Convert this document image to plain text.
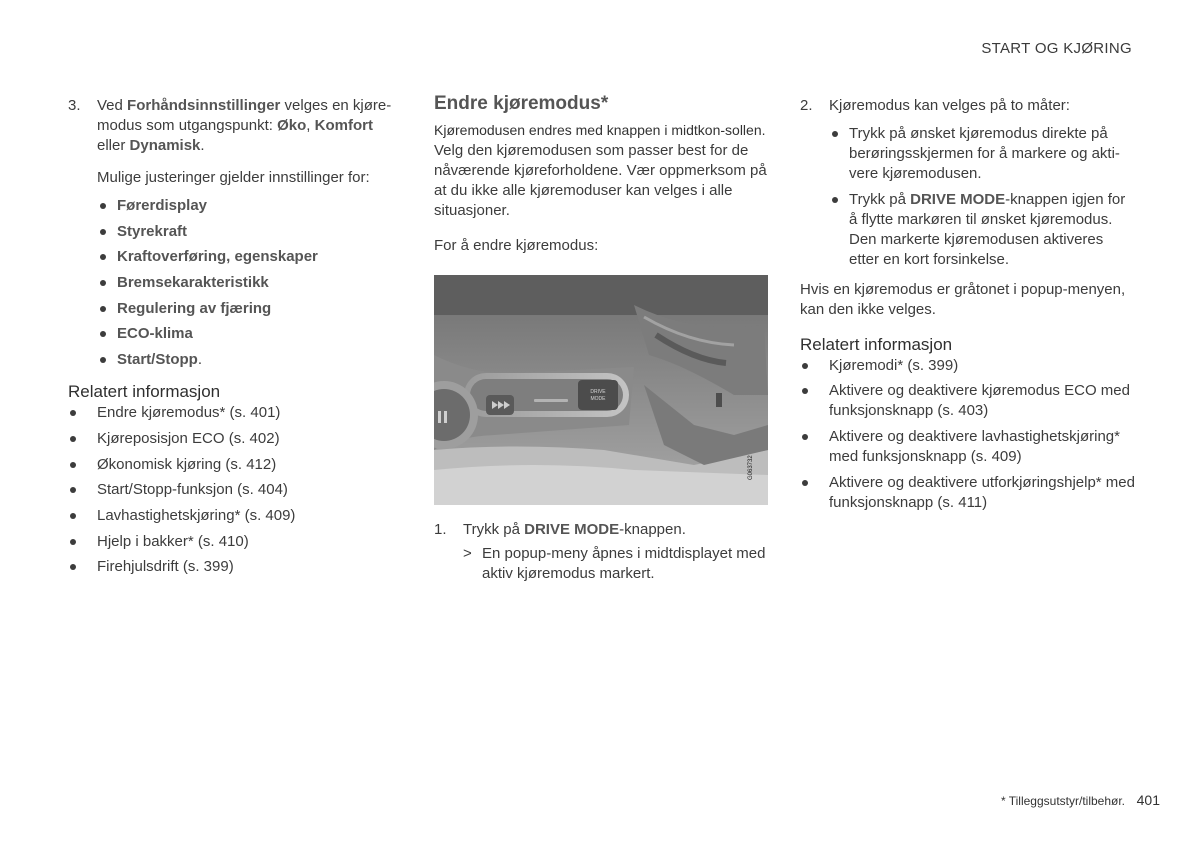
START OG KJØRING
3. Ved Forhåndsinnstillinger velges en kjøre-modus som utgangspunkt: Øko, Komfort eller Dynamisk.

Mulige justeringer gjelder innstillinger for:

Førerdisplay
Styrekraft
Kraftoverføring, egenskaper
Bremsekarakteristikk
Regulering av fjæring
ECO-klima
Start/Stopp.
Relatert informasjon
Endre kjøremodus* (s. 401)
Kjøreposisjon ECO (s. 402)
Økonomisk kjøring (s. 412)
Start/Stopp-funksjon (s. 404)
Lavhastighetskjøring* (s. 409)
Hjelp i bakker* (s. 410)
Firehjulsdrift (s. 399)
Endre kjøremodus*

Kjøremodusen endres med knappen i midtkon-sollen.

Velg den kjøremodusen som passer best for de nåværende kjøreforholdene. Vær oppmerksom på at du ikke alle kjøremoduser kan velges i alle situasjoner.

For å endre kjøremodus:

DRIVE
MODE
G063732
1. Trykk på DRIVE MODE-knappen.
> En popup-meny åpnes i midtdisplayet med aktiv kjøremodus markert.
2. Kjøremodus kan velges på to måter:
Trykk på ønsket kjøremodus direkte på berøringsskjermen for å markere og akti-vere kjøremodusen.
Trykk på DRIVE MODE-knappen igjen for å flytte markøren til ønsket kjøremodus. Den markerte kjøremodusen aktiveres etter en kort forsinkelse.

Hvis en kjøremodus er gråtonet i popup-menyen, kan den ikke velges.

Relatert informasjon
Kjøremodi* (s. 399)
Aktivere og deaktivere kjøremodus ECO med funksjonsknapp (s. 403)
Aktivere og deaktivere lavhastighetskjøring* med funksjonsknapp (s. 409)
Aktivere og deaktivere utforkjøringshjelp* med funksjonsknapp (s. 411)
* Tilleggsutstyr/tilbehør. 401
